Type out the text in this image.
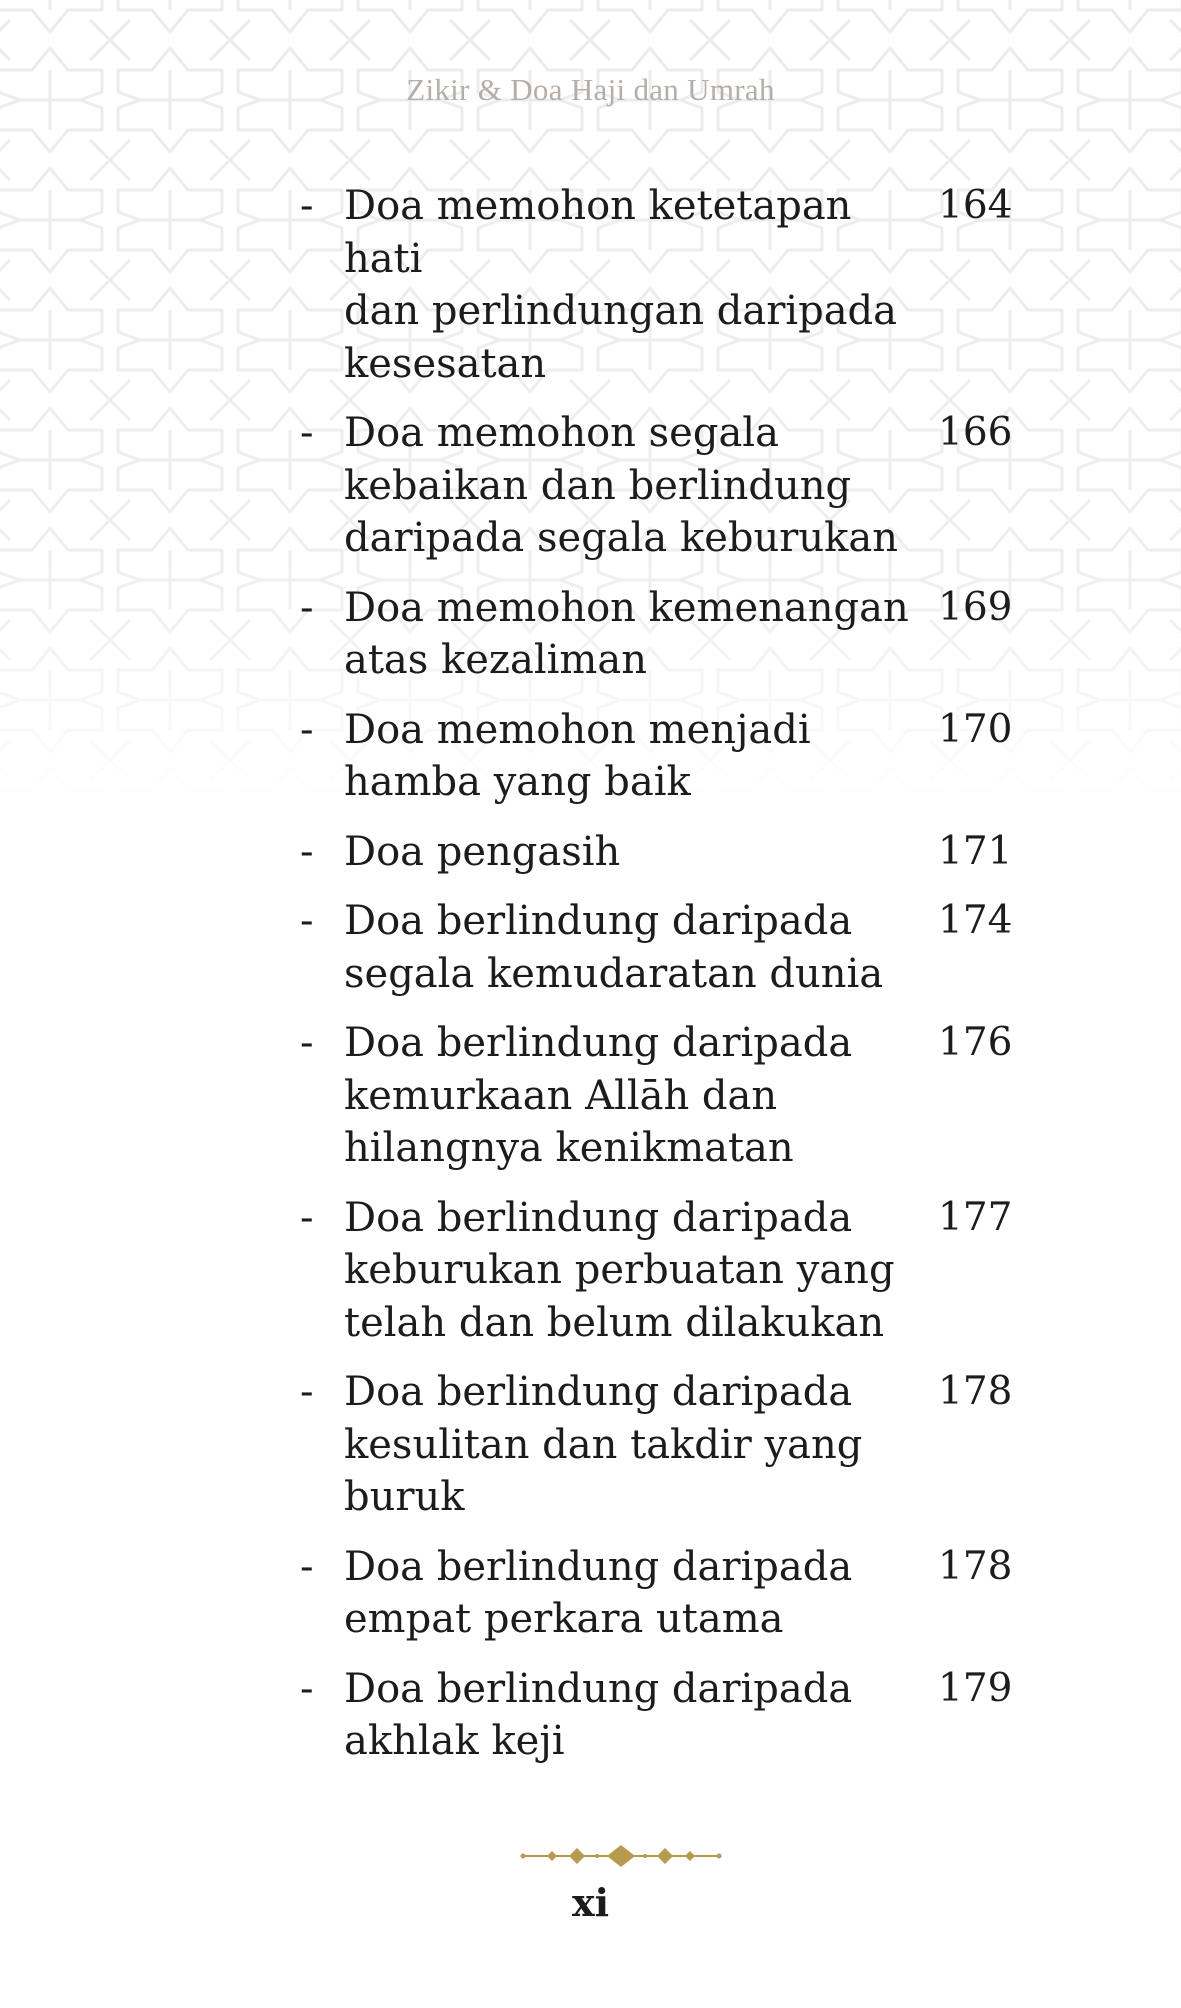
Zikir & Doa Haji dan Umrah
- Doa memohon ketetapan hati
dan perlindungan daripada
kesesatan

164
- Doa memohon segala
kebaikan dan berlindung
daripada segala keburukan

166
- Doa memohon kemenangan
atas kezaliman

169
- Doa memohon menjadi
hamba yang baik

170
- Doa pengasih	171
- Doa berlindung daripada
segala kemudaratan dunia

174
- Doa berlindung daripada
kemurkaan Allāh dan
hilangnya kenikmatan

176
- Doa berlindung daripada
keburukan perbuatan yang
telah dan belum dilakukan

177
- Doa berlindung daripada
kesulitan dan takdir yang
buruk

178
- Doa berlindung daripada
empat perkara utama

178
- Doa berlindung daripada
akhlak keji

179
xi
